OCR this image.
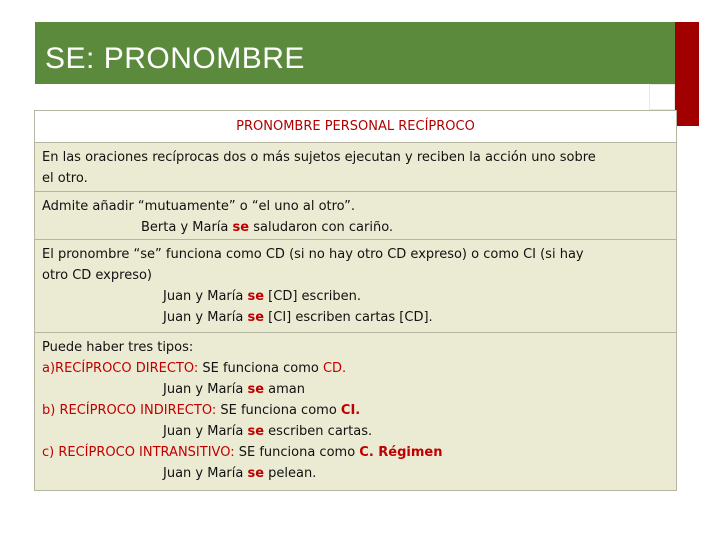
SE: PRONOMBRE
PRONOMBRE PERSONAL RECÍPROCO
En las oraciones recíprocas dos o más sujetos ejecutan y reciben la acción uno sobre
el otro.
Admite añadir “mutuamente” o “el uno al otro”.
Berta y María se saludaron con cariño.
El pronombre “se” funciona como CD (si no hay otro CD expreso) o como CI (si hay
otro CD expreso)
Juan y María se [CD] escriben.
Juan y María se [CI] escriben cartas [CD].
Puede haber tres tipos:
a)RECÍPROCO DIRECTO: SE funciona como CD.
Juan y María se aman
b) RECÍPROCO INDIRECTO: SE funciona como CI.
Juan y María se escriben cartas.
c) RECÍPROCO INTRANSITIVO: SE funciona como C. Régimen
Juan y María se pelean.
